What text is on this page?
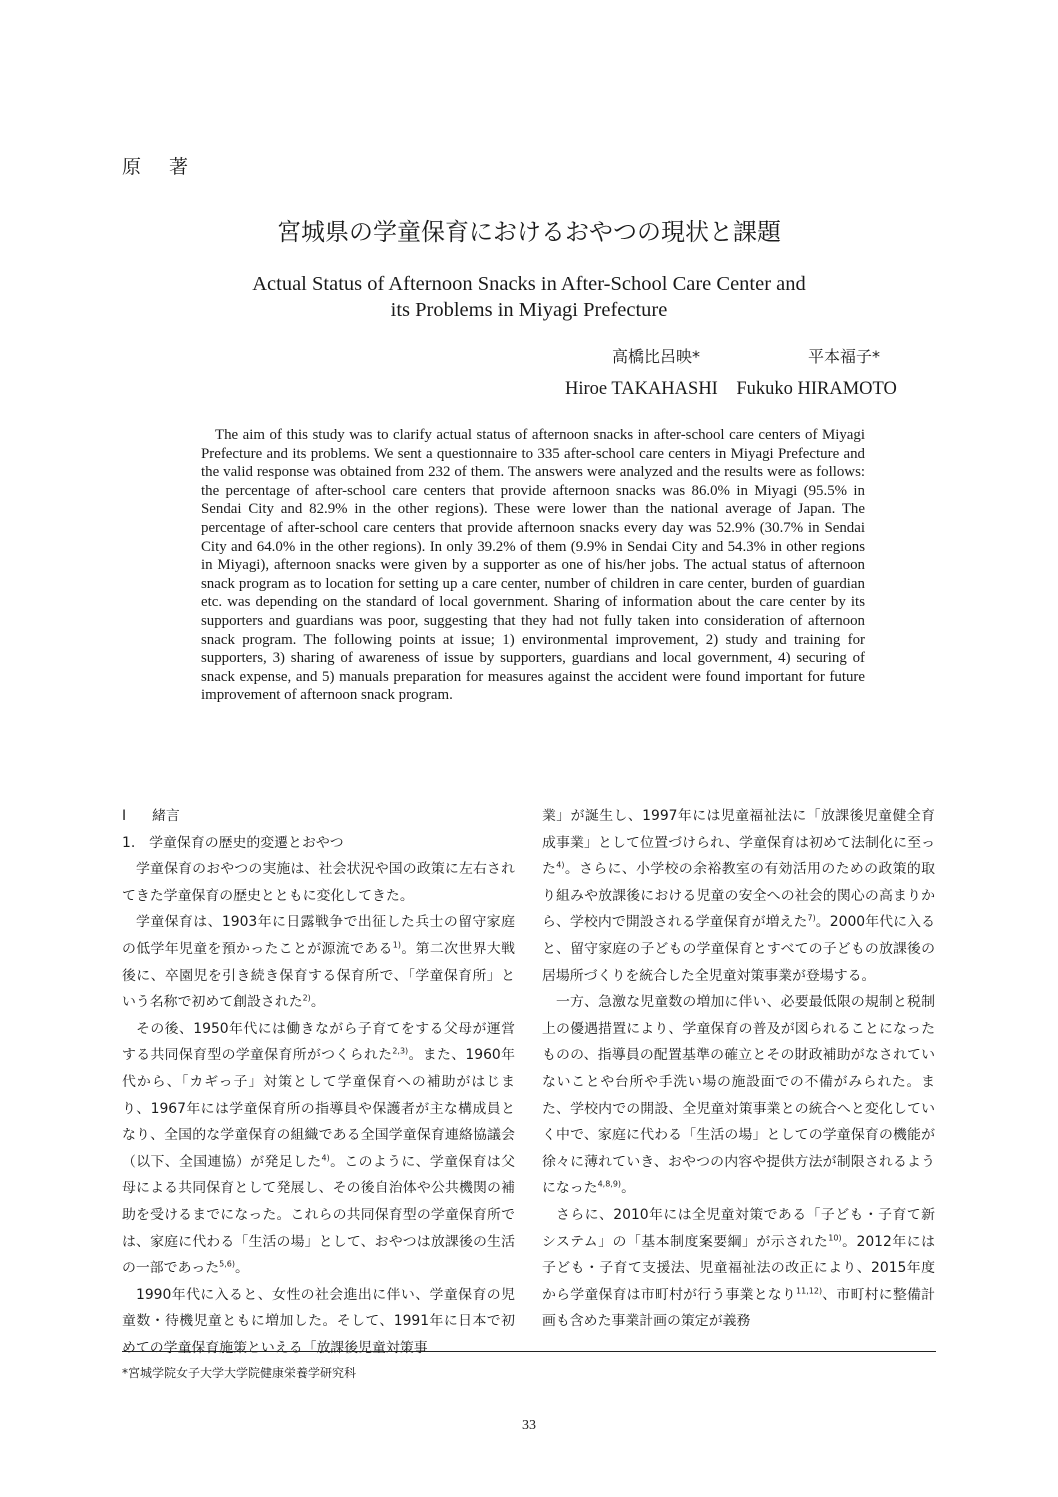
原著
宮城県の学童保育におけるおやつの現状と課題
Actual Status of Afternoon Snacks in After-School Care Center and
its Problems in Miyagi Prefecture
高橋比呂映*	平本福子*
Hiroe TAKAHASHI　Fukuko HIRAMOTO
The aim of this study was to clarify actual status of afternoon snacks in after-school care centers of Miyagi Prefecture and its problems. We sent a questionnaire to 335 after-school care centers in Miyagi Prefecture and the valid response was obtained from 232 of them. The answers were analyzed and the results were as follows: the percentage of after-school care centers that provide afternoon snacks was 86.0% in Miyagi (95.5% in Sendai City and 82.9% in the other regions). These were lower than the national average of Japan. The percentage of after-school care centers that provide afternoon snacks every day was 52.9% (30.7% in Sendai City and 64.0% in the other regions). In only 39.2% of them (9.9% in Sendai City and 54.3% in other regions in Miyagi), afternoon snacks were given by a supporter as one of his/her jobs. The actual status of afternoon snack program as to location for setting up a care center, number of children in care center, burden of guardian etc. was depending on the standard of local government. Sharing of information about the care center by its supporters and guardians was poor, suggesting that they had not fully taken into consideration of afternoon snack program. The following points at issue; 1) environmental improvement, 2) study and training for supporters, 3) sharing of awareness of issue by supporters, guardians and local government, 4) securing of snack expense, and 5) manuals preparation for measures against the accident were found important for future improvement of afternoon snack program.
Ⅰ 緒言
1.　学童保育の歴史的変遷とおやつ

学童保育のおやつの実施は、社会状況や国の政策に左右されてきた学童保育の歴史とともに変化してきた。

学童保育は、1903年に日露戦争で出征した兵士の留守家庭の低学年児童を預かったことが源流である$^{1)}$。第二次世界大戦後に、卒園児を引き続き保育する保育所で、「学童保育所」という名称で初めて創設された$^{2)}$。

その後、1950年代には働きながら子育てをする父母が運営する共同保育型の学童保育所がつくられた$^{2,3)}$。また、1960年代から、「カギっ子」対策として学童保育への補助がはじまり、1967年には学童保育所の指導員や保護者が主な構成員となり、全国的な学童保育の組織である全国学童保育連絡協議会（以下、全国連協）が発足した$^{4)}$。このように、学童保育は父母による共同保育として発展し、その後自治体や公共機関の補助を受けるまでになった。これらの共同保育型の学童保育所では、家庭に代わる「生活の場」として、おやつは放課後の生活の一部であった$^{5,6)}$。

1990年代に入ると、女性の社会進出に伴い、学童保育の児童数・待機児童ともに増加した。そして、1991年に日本で初めての学童保育施策といえる「放課後児童対策事

業」が誕生し、1997年には児童福祉法に「放課後児童健全育成事業」として位置づけられ、学童保育は初めて法制化に至った$^{4)}$。さらに、小学校の余裕教室の有効活用のための政策的取り組みや放課後における児童の安全への社会的関心の高まりから、学校内で開設される学童保育が増えた$^{7)}$。2000年代に入ると、留守家庭の子どもの学童保育とすべての子どもの放課後の居場所づくりを統合した全児童対策事業が登場する。

一方、急激な児童数の増加に伴い、必要最低限の規制と税制上の優遇措置により、学童保育の普及が図られることになったものの、指導員の配置基準の確立とその財政補助がなされていないことや台所や手洗い場の施設面での不備がみられた。また、学校内での開設、全児童対策事業との統合へと変化していく中で、家庭に代わる「生活の場」としての学童保育の機能が徐々に薄れていき、おやつの内容や提供方法が制限されるようになった$^{4,8,9)}$。

さらに、2010年には全児童対策である「子ども・子育て新システム」の「基本制度案要綱」が示された$^{10)}$。2012年には子ども・子育て支援法、児童福祉法の改正により、2015年度から学童保育は市町村が行う事業となり$^{11,12)}$、市町村に整備計画も含めた事業計画の策定が義務

*宮城学院女子大学大学院健康栄養学研究科
33
